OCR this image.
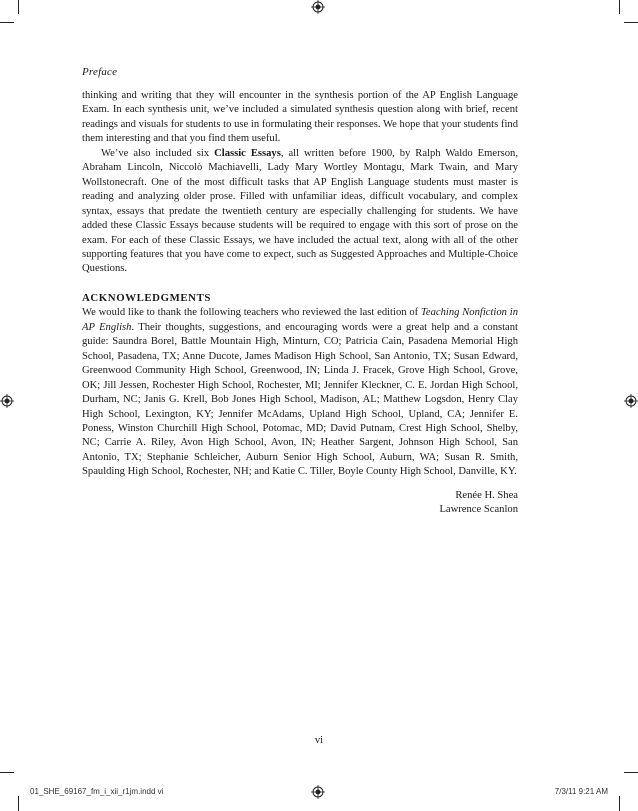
Preface

thinking and writing that they will encounter in the synthesis portion of the AP English Language Exam. In each synthesis unit, we’ve included a simulated synthesis question along with brief, recent readings and visuals for students to use in formulating their responses. We hope that your students find them interesting and that you find them useful.

We’ve also included six Classic Essays, all written before 1900, by Ralph Waldo Emerson, Abraham Lincoln, Niccolò Machiavelli, Lady Mary Wortley Montagu, Mark Twain, and Mary Wollstonecraft. One of the most difficult tasks that AP English Language students must master is reading and analyzing older prose. Filled with unfamiliar ideas, difficult vocabulary, and complex syntax, essays that predate the twentieth century are especially challenging for students. We have added these Classic Essays because students will be required to engage with this sort of prose on the exam. For each of these Classic Essays, we have included the actual text, along with all of the other supporting features that you have come to expect, such as Suggested Approaches and Multiple-Choice Questions.

ACKNOWLEDGMENTS

We would like to thank the following teachers who reviewed the last edition of Teaching Nonfiction in AP English. Their thoughts, suggestions, and encouraging words were a great help and a constant guide: Saundra Borel, Battle Mountain High, Minturn, CO; Patricia Cain, Pasadena Memorial High School, Pasadena, TX; Anne Ducote, James Madison High School, San Antonio, TX; Susan Edward, Greenwood Community High School, Greenwood, IN; Linda J. Fracek, Grove High School, Grove, OK; Jill Jessen, Rochester High School, Rochester, MI; Jennifer Kleckner, C. E. Jordan High School, Durham, NC; Janis G. Krell, Bob Jones High School, Madison, AL; Matthew Logsdon, Henry Clay High School, Lexington, KY; Jennifer McAdams, Upland High School, Upland, CA; Jennifer E. Poness, Winston Churchill High School, Potomac, MD; David Putnam, Crest High School, Shelby, NC; Carrie A. Riley, Avon High School, Avon, IN; Heather Sargent, Johnson High School, San Antonio, TX; Stephanie Schleicher, Auburn Senior High School, Auburn, WA; Susan R. Smith, Spaulding High School, Rochester, NH; and Katie C. Tiller, Boyle County High School, Danville, KY.

Renée H. Shea

Lawrence Scanlon

vi
01_SHE_69167_fm_i_xii_r1jm.indd vi	7/3/11 9:21 AM
